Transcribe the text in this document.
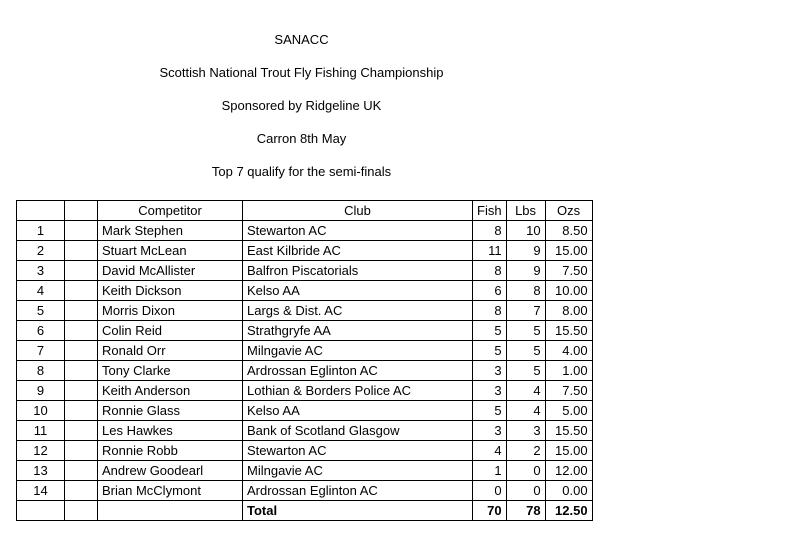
SANACC
Scottish National Trout Fly Fishing Championship
Sponsored by Ridgeline UK
Carron 8th May
Top 7 qualify for the semi-finals
		Competitor	Club	Fish	Lbs	Ozs
1		Mark Stephen	Stewarton AC	8	10	8.50
2		Stuart McLean	East Kilbride AC	11	9	15.00
3		David McAllister	Balfron Piscatorials	8	9	7.50
4		Keith Dickson	Kelso AA	6	8	10.00
5		Morris Dixon	Largs & Dist. AC	8	7	8.00
6		Colin Reid	Strathgryfe AA	5	5	15.50
7		Ronald Orr	Milngavie AC	5	5	4.00
8		Tony Clarke	Ardrossan Eglinton AC	3	5	1.00
9		Keith Anderson	Lothian & Borders Police AC	3	4	7.50
10		Ronnie Glass	Kelso AA	5	4	5.00
11		Les Hawkes	Bank of Scotland Glasgow	3	3	15.50
12		Ronnie Robb	Stewarton AC	4	2	15.00
13		Andrew Goodearl	Milngavie AC	1	0	12.00
14		Brian McClymont	Ardrossan Eglinton AC	0	0	0.00
			Total	70	78	12.50
